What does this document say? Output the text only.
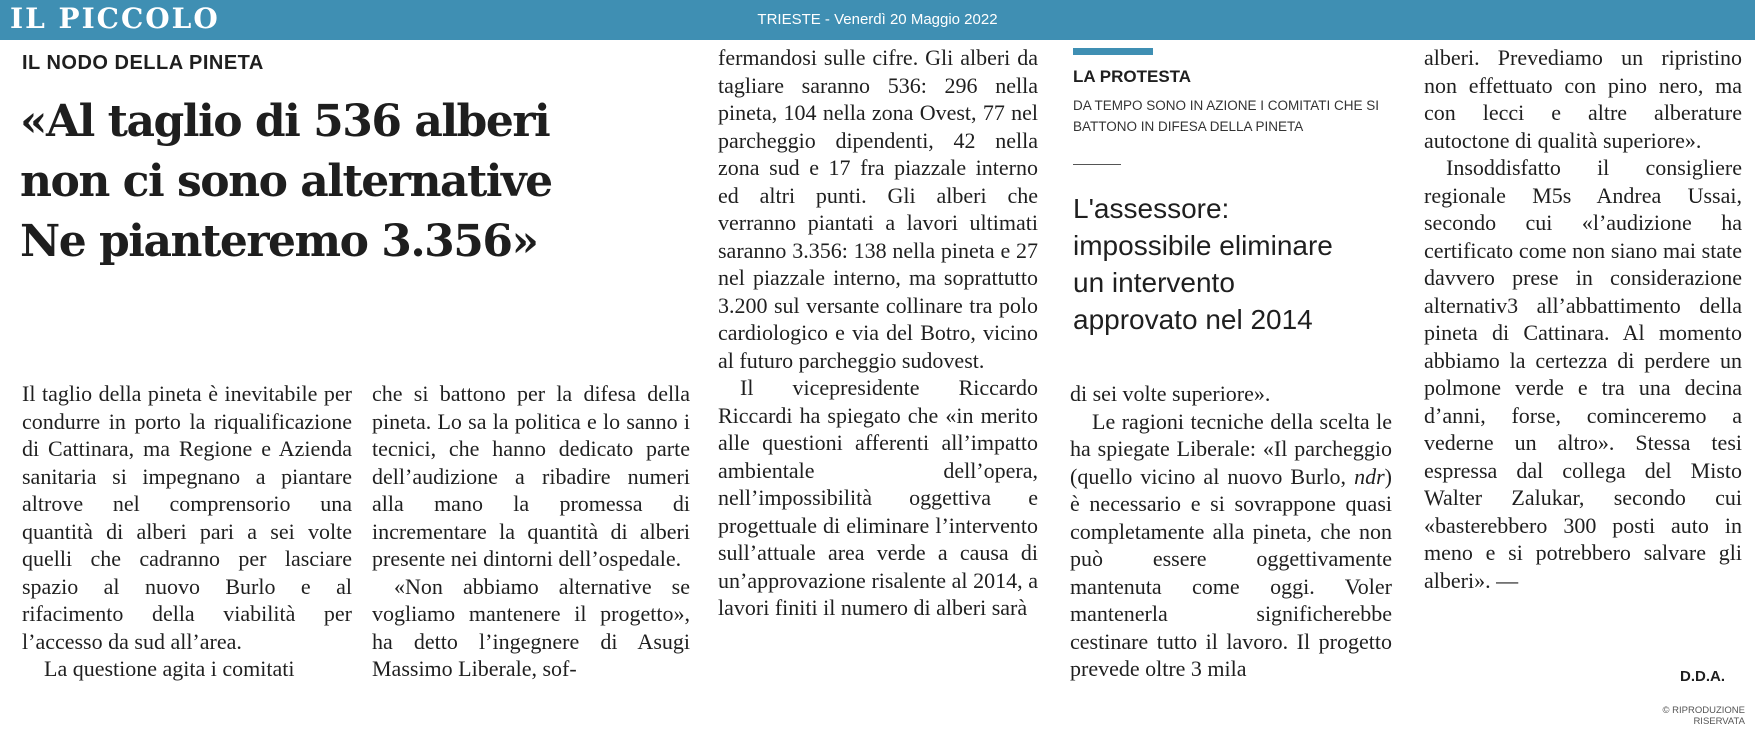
IL PICCOLO	TRIESTE - Venerdì 20 Maggio 2022
IL NODO DELLA PINETA
«Al taglio di 536 alberi
non ci sono alternative
Ne pianteremo 3.356»

Il taglio della pineta è inevitabile per condurre in porto la riqualificazione di Cattinara, ma Regione e Azienda sanitaria si impegnano a piantare altrove nel comprensorio una quantità di alberi pari a sei volte quelli che cadranno per lasciare spazio al nuovo Burlo e al rifacimento della viabilità per l’accesso da sud all’area.

La questione agita i comitati

che si battono per la difesa della pineta. Lo sa la politica e lo sanno i tecnici, che hanno dedicato parte dell’audizione a ribadire numeri alla mano la promessa di incrementare la quantità di alberi presente nei dintorni dell’ospedale.

«Non abbiamo alternative se vogliamo mantenere il progetto», ha detto l’ingegnere di Asugi Massimo Liberale, sof-

fermandosi sulle cifre. Gli alberi da tagliare saranno 536: 296 nella pineta, 104 nella zona Ovest, 77 nel parcheggio dipendenti, 42 nella zona sud e 17 fra piazzale interno ed altri punti. Gli alberi che verranno piantati a lavori ultimati saranno 3.356: 138 nella pineta e 27 nel piazzale interno, ma soprattutto 3.200 sul versante collinare tra polo cardiologico e via del Botro, vicino al futuro parcheggio sudovest.

Il vicepresidente Riccardo Riccardi ha spiegato che «in merito alle questioni afferenti all’impatto ambientale dell’opera, nell’impossibilità oggettiva e progettuale di eliminare l’intervento sull’attuale area verde a causa di un’approvazione risalente al 2014, a lavori finiti il numero di alberi sarà

LA PROTESTA
DA TEMPO SONO IN AZIONE I COMITATI CHE SI BATTONO IN DIFESA DELLA PINETA
L'assessore:
impossibile eliminare
un intervento
approvato nel 2014

di sei volte superiore».

Le ragioni tecniche della scelta le ha spiegate Liberale: «Il parcheggio (quello vicino al nuovo Burlo, ndr) è necessario e si sovrappone quasi completamente alla pineta, che non può essere oggettivamente mantenuta come oggi. Voler mantenerla significherebbe cestinare tutto il lavoro. Il progetto prevede oltre 3 mila

alberi. Prevediamo un ripristino non effettuato con pino nero, ma con lecci e altre alberature autoctone di qualità superiore».

Insoddisfatto il consigliere regionale M5s Andrea Ussai, secondo cui «l’audizione ha certificato come non siano mai state davvero prese in considerazione alternativ3 all’abbattimento della pineta di Cattinara. Al momento abbiamo la certezza di perdere un polmone verde e tra una decina d’anni, forse, cominceremo a vederne un altro». Stessa tesi espressa dal collega del Misto Walter Zalukar, secondo cui «basterebbero 300 posti auto in meno e si potrebbero salvare gli alberi». —

D.D.A.
© RIPRODUZIONE RISERVATA
